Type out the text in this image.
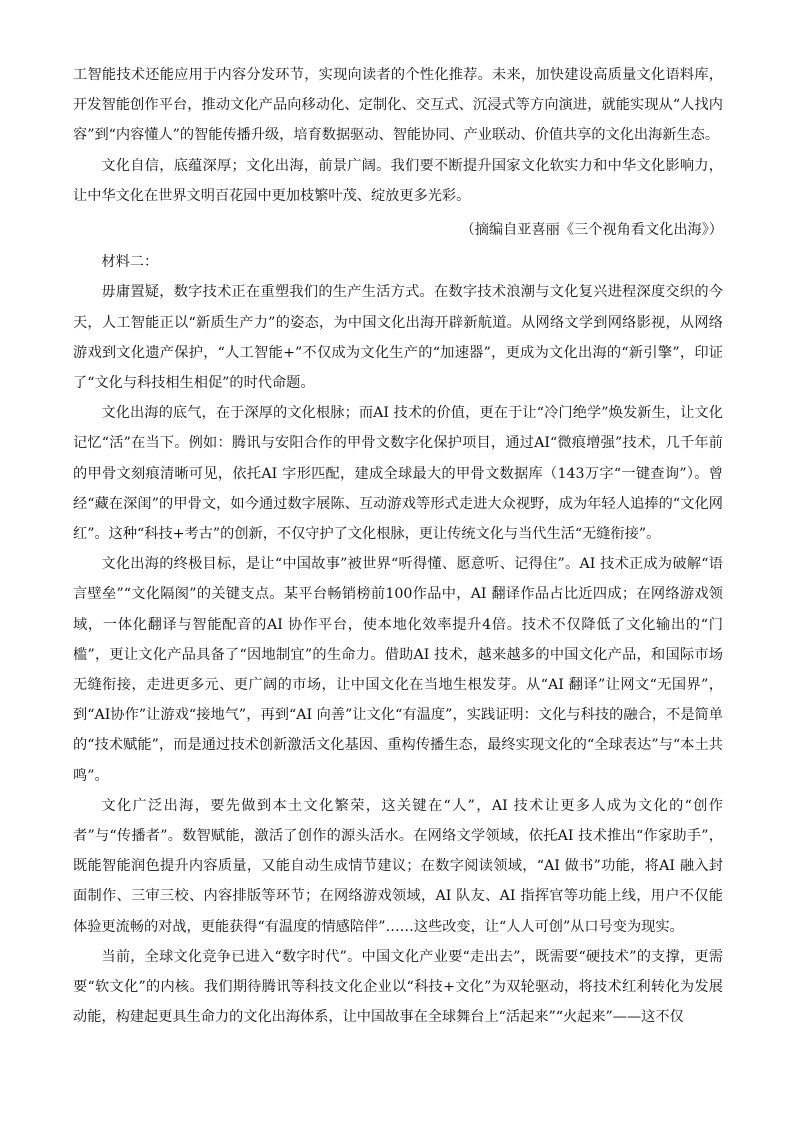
工智能技术还能应用于内容分发环节，实现向读者的个性化推荐。未来，加快建设高质量文化语料库，开发智能创作平台，推动文化产品向移动化、定制化、交互式、沉浸式等方向演进，就能实现从“人找内容”到“内容懂人”的智能传播升级，培育数据驱动、智能协同、产业联动、价值共享的文化出海新生态。

文化自信，底蕴深厚；文化出海，前景广阔。我们要不断提升国家文化软实力和中华文化影响力，让中华文化在世界文明百花园中更加枝繁叶茂、绽放更多光彩。

（摘编自亚喜丽《三个视角看文化出海》）

材料二：

毋庸置疑，数字技术正在重塑我们的生产生活方式。在数字技术浪潮与文化复兴进程深度交织的今天，人工智能正以“新质生产力”的姿态，为中国文化出海开辟新航道。从网络文学到网络影视，从网络游戏到文化遗产保护，“人工智能+”不仅成为文化生产的“加速器”，更成为文化出海的“新引擎”，印证了“文化与科技相生相促”的时代命题。

文化出海的底气，在于深厚的文化根脉；而AI 技术的价值，更在于让“冷门绝学”焕发新生，让文化记忆“活”在当下。例如：腾讯与安阳合作的甲骨文数字化保护项目，通过AI“微痕增强”技术，几千年前的甲骨文刻痕清晰可见，依托AI 字形匹配，建成全球最大的甲骨文数据库（143万字“一键查询”）。曾经“藏在深闺”的甲骨文，如今通过数字展陈、互动游戏等形式走进大众视野，成为年轻人追捧的“文化网红”。这种“科技+考古”的创新，不仅守护了文化根脉，更让传统文化与当代生活“无缝衔接”。

文化出海的终极目标，是让“中国故事”被世界“听得懂、愿意听、记得住”。AI 技术正成为破解“语言壁垒”“文化隔阂”的关键支点。某平台畅销榜前100作品中，AI 翻译作品占比近四成；在网络游戏领域，一体化翻译与智能配音的AI 协作平台，使本地化效率提升4倍。技术不仅降低了文化输出的“门槛”，更让文化产品具备了“因地制宜”的生命力。借助AI 技术，越来越多的中国文化产品，和国际市场无缝衔接，走进更多元、更广阔的市场，让中国文化在当地生根发芽。从“AI 翻译”让网文“无国界”，到“AI协作”让游戏“接地气”，再到“AI 向善”让文化“有温度”，实践证明：文化与科技的融合，不是简单的“技术赋能”，而是通过技术创新激活文化基因、重构传播生态，最终实现文化的“全球表达”与“本土共鸣”。

文化广泛出海，要先做到本土文化繁荣，这关键在“人”，AI 技术让更多人成为文化的“创作者”与“传播者”。数智赋能，激活了创作的源头活水。在网络文学领域，依托AI 技术推出“作家助手”，既能智能润色提升内容质量，又能自动生成情节建议；在数字阅读领域，“AI 做书”功能，将AI 融入封面制作、三审三校、内容排版等环节；在网络游戏领域，AI 队友、AI 指挥官等功能上线，用户不仅能体验更流畅的对战，更能获得“有温度的情感陪伴”……这些改变，让“人人可创”从口号变为现实。

当前，全球文化竞争已进入“数字时代”。中国文化产业要“走出去”，既需要“硬技术”的支撑，更需要“软文化”的内核。我们期待腾讯等科技文化企业以“科技+文化”为双轮驱动，将技术红利转化为发展动能，构建起更具生命力的文化出海体系，让中国故事在全球舞台上“活起来”“火起来”——这不仅
